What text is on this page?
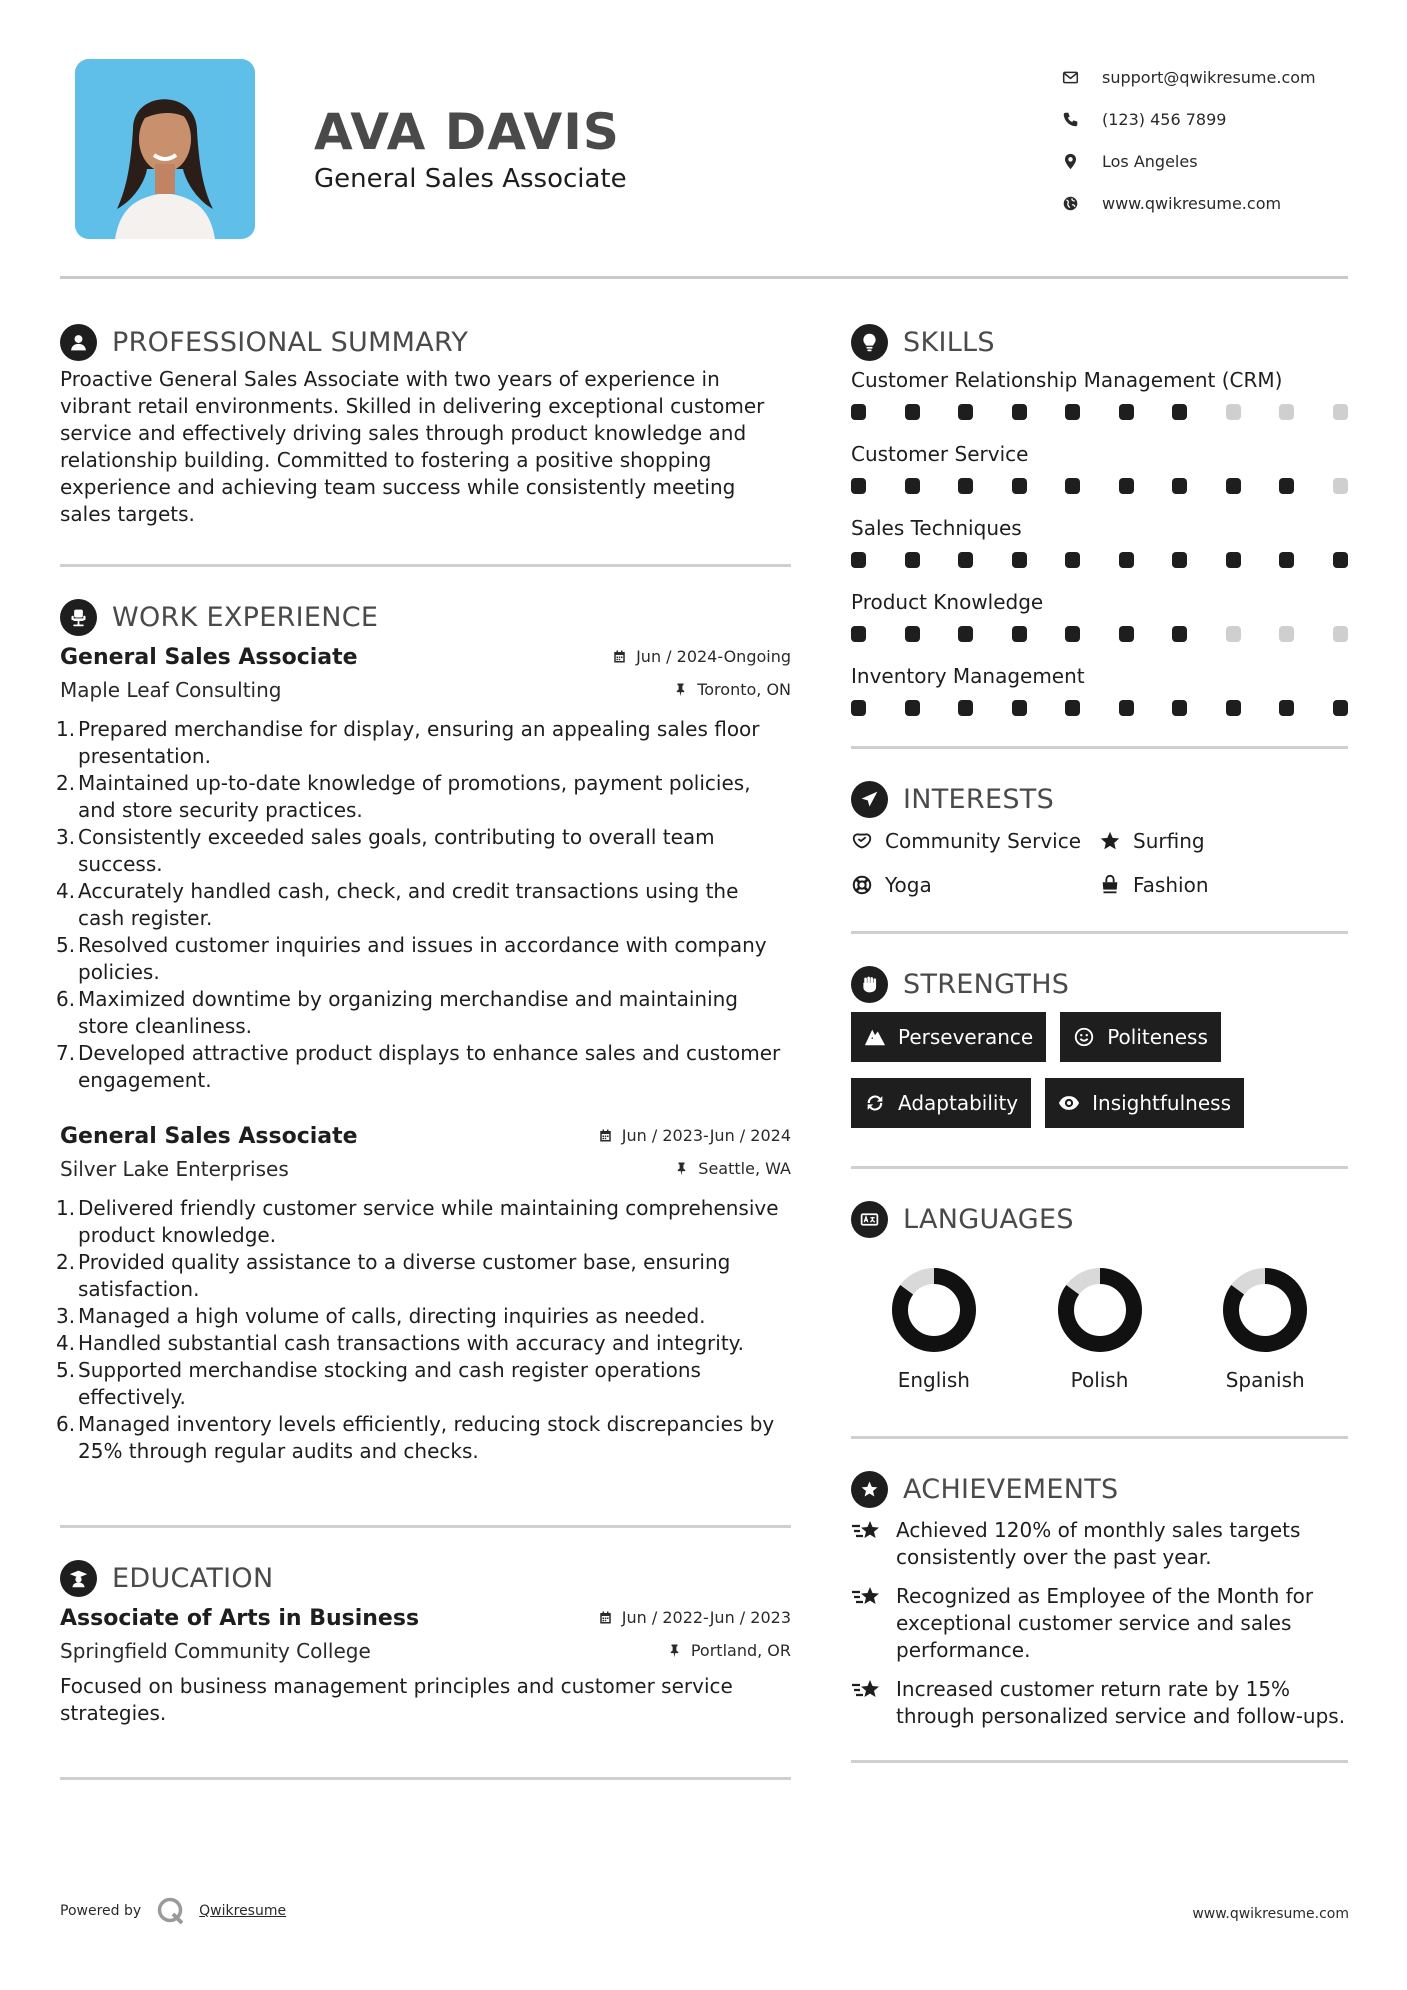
AVA DAVIS
General Sales Associate
support@qwikresume.com
(123) 456 7899
Los Angeles
www.qwikresume.com
PROFESSIONAL SUMMARY
Proactive General Sales Associate with two years of experience in vibrant retail environments. Skilled in delivering exceptional customer service and effectively driving sales through product knowledge and relationship building. Committed to fostering a positive shopping experience and achieving team success while consistently meeting sales targets.
WORK EXPERIENCE
General Sales Associate	Jun / 2024-Ongoing
Maple Leaf Consulting	Toronto, ON
1. Prepared merchandise for display, ensuring an appealing sales floor presentation.
2. Maintained up-to-date knowledge of promotions, payment policies, and store security practices.
3. Consistently exceeded sales goals, contributing to overall team success.
4. Accurately handled cash, check, and credit transactions using the cash register.
5. Resolved customer inquiries and issues in accordance with company policies.
6. Maximized downtime by organizing merchandise and maintaining store cleanliness.
7. Developed attractive product displays to enhance sales and customer engagement.
General Sales Associate	Jun / 2023-Jun / 2024
Silver Lake Enterprises	Seattle, WA
1. Delivered friendly customer service while maintaining comprehensive product knowledge.
2. Provided quality assistance to a diverse customer base, ensuring satisfaction.
3. Managed a high volume of calls, directing inquiries as needed.
4. Handled substantial cash transactions with accuracy and integrity.
5. Supported merchandise stocking and cash register operations effectively.
6. Managed inventory levels efficiently, reducing stock discrepancies by 25% through regular audits and checks.
EDUCATION
Associate of Arts in Business	Jun / 2022-Jun / 2023
Springfield Community College	Portland, OR
Focused on business management principles and customer service strategies.
SKILLS
Customer Relationship Management (CRM)
Customer Service
Sales Techniques
Product Knowledge
Inventory Management
INTERESTS
Community Service	Surfing
Yoga	Fashion
STRENGTHS
Perseverance	Politeness
Adaptability	Insightfulness
LANGUAGES
English	Polish	Spanish
ACHIEVEMENTS
Achieved 120% of monthly sales targets consistently over the past year.
Recognized as Employee of the Month for exceptional customer service and sales performance.
Increased customer return rate by 15% through personalized service and follow-ups.
Powered by	Qwikresume	www.qwikresume.com
